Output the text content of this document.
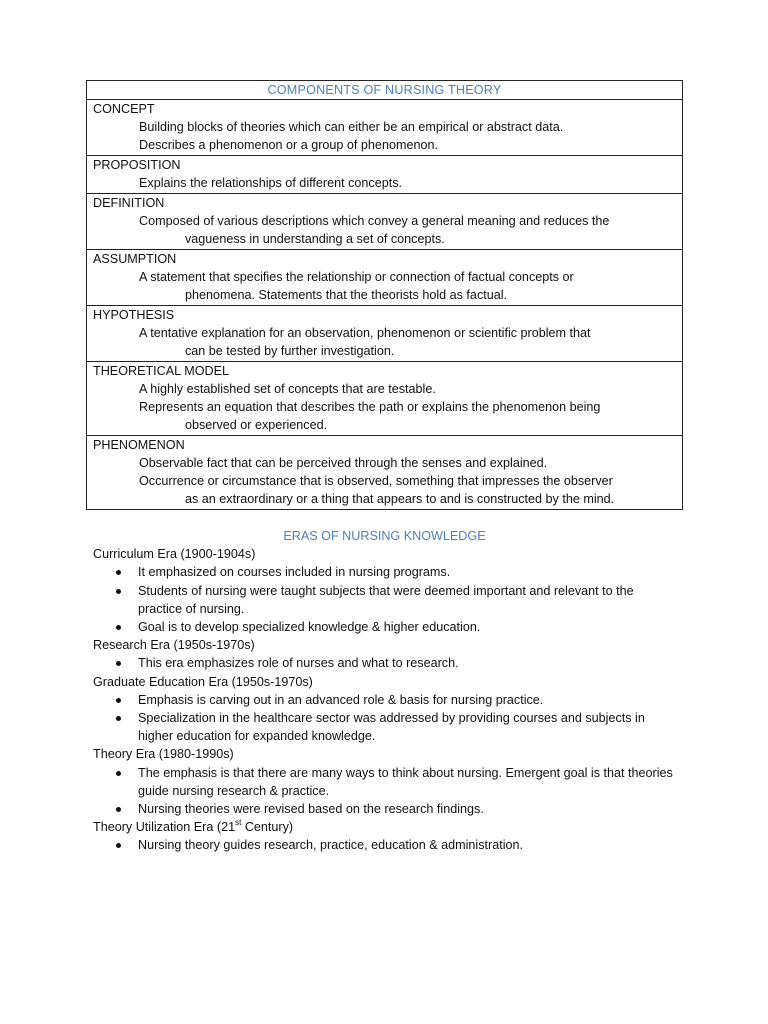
COMPONENTS OF NURSING THEORY
CONCEPT
Building blocks of theories which can either be an empirical or abstract data.
Describes a phenomenon or a group of phenomenon.
PROPOSITION
Explains the relationships of different concepts.
DEFINITION
Composed of various descriptions which convey a general meaning and reduces the
vagueness in understanding a set of concepts.
ASSUMPTION
A statement that specifies the relationship or connection of factual concepts or
phenomena. Statements that the theorists hold as factual.
HYPOTHESIS
A tentative explanation for an observation, phenomenon or scientific problem that
can be tested by further investigation.
THEORETICAL MODEL
A highly established set of concepts that are testable.
Represents an equation that describes the path or explains the phenomenon being
observed or experienced.
PHENOMENON
Observable fact that can be perceived through the senses and explained.
Occurrence or circumstance that is observed, something that impresses the observer
as an extraordinary or a thing that appears to and is constructed by the mind.
ERAS OF NURSING KNOWLEDGE
Curriculum Era (1900-1904s)
It emphasized on courses included in nursing programs.
Students of nursing were taught subjects that were deemed important and relevant to the practice of nursing.
Goal is to develop specialized knowledge & higher education.
Research Era (1950s-1970s)
This era emphasizes role of nurses and what to research.
Graduate Education Era (1950s-1970s)
Emphasis is carving out in an advanced role & basis for nursing practice.
Specialization in the healthcare sector was addressed by providing courses and subjects in higher education for expanded knowledge.
Theory Era (1980-1990s)
The emphasis is that there are many ways to think about nursing. Emergent goal is that theories guide nursing research & practice.
Nursing theories were revised based on the research findings.
Theory Utilization Era (21st Century)
Nursing theory guides research, practice, education & administration.
